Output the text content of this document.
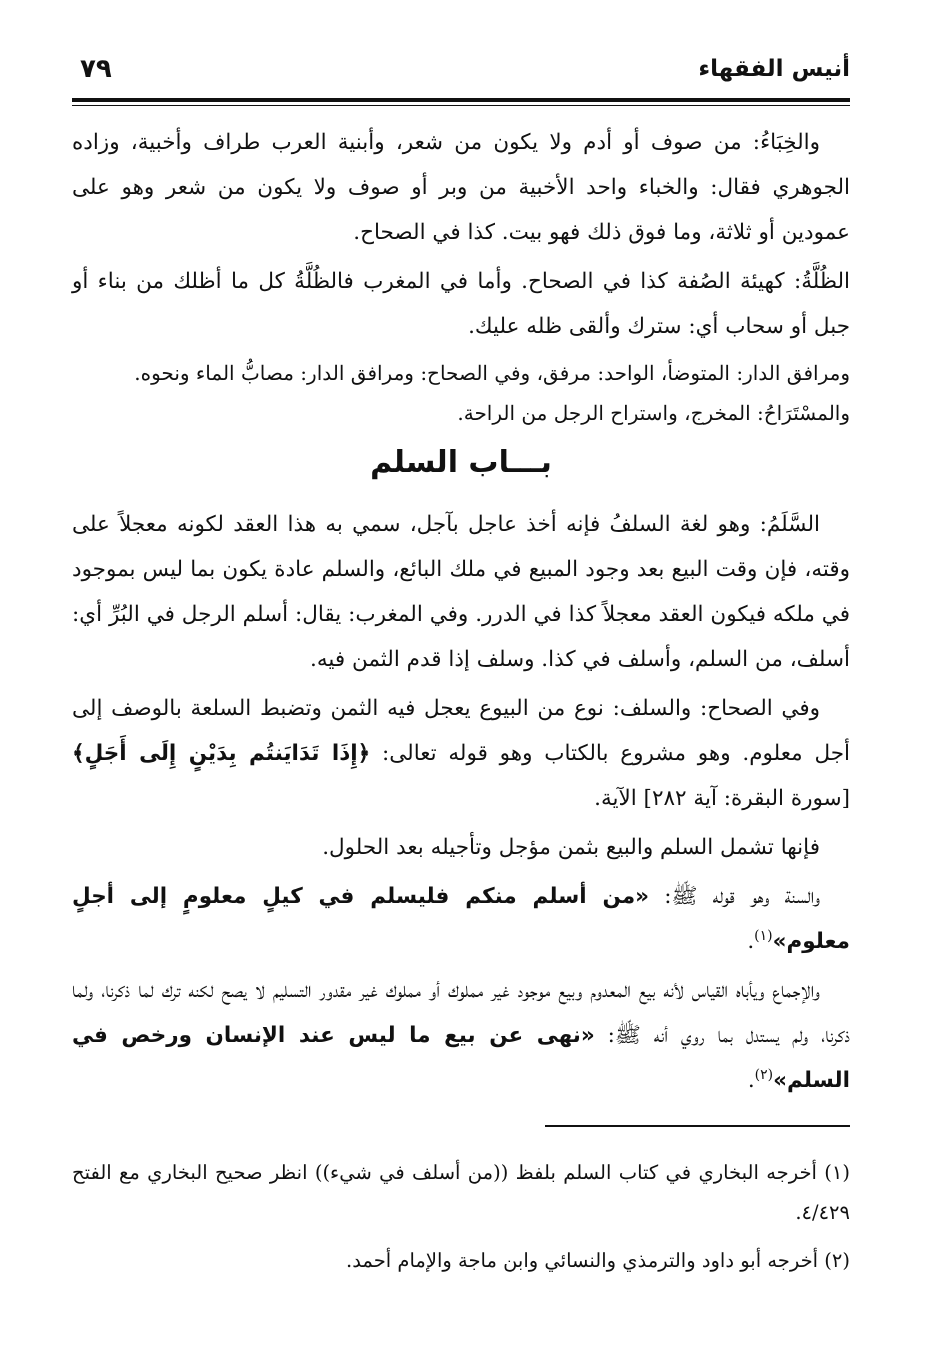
أنيس الفقهاء
٧٩

والخِبَاءُ: من صوف أو أدم ولا يكون من شعر، وأبنية العرب طراف وأخبية، وزاده الجوهري فقال: والخباء واحد الأخبية من وبر أو صوف ولا يكون من شعر وهو على عمودين أو ثلاثة، وما فوق ذلك فهو بيت. كذا في الصحاح.

الظُلَّةُ: كهيئة الصُفة كذا في الصحاح. وأما في المغرب فالظُلَّةُ كل ما أظلك من بناء أو جبل أو سحاب أي: سترك وألقى ظله عليك.

ومرافق الدار: المتوضأ، الواحد: مرفق، وفي الصحاح: ومرافق الدار: مصابُّ الماء ونحوه.

والمسْتَرَاحُ: المخرج، واستراح الرجل من الراحة.

بـــاب السلم

السَّلَمُ: وهو لغة السلفُ فإنه أخذ عاجل بآجل، سمي به هذا العقد لكونه معجلاً على وقته، فإن وقت البيع بعد وجود المبيع في ملك البائع، والسلم عادة يكون بما ليس بموجود في ملكه فيكون العقد معجلاً كذا في الدرر. وفي المغرب: يقال: أسلم الرجل في البُرِّ أي: أسلف، من السلم، وأسلف في كذا. وسلف إذا قدم الثمن فيه.

وفي الصحاح: والسلف: نوع من البيوع يعجل فيه الثمن وتضبط السلعة بالوصف إلى أجل معلوم. وهو مشروع بالكتاب وهو قوله تعالى: ﴿إِذَا تَدَايَنتُم بِدَيْنٍ إِلَى أَجَلٍ﴾ [سورة البقرة: آية ٢٨٢] الآية.

فإنها تشمل السلم والبيع بثمن مؤجل وتأجيله بعد الحلول.

والسنة وهو قوله ﷺ: «من أسلم منكم فليسلم في كيلٍ معلومٍ إلى أجلٍ معلوم»$^{(١)}$.

والإجماع ويأباه القياس لأنه بيع المعدوم وبيع موجود غير مملوك أو مملوك غير مقدور التسليم لا يصح لكنه ترك لما ذكرنا، ولما ذكرنا، ولم يستدل بما روي أنه ﷺ: «نهى عن بيع ما ليس عند الإنسان ورخص في السلم»$^{(٢)}$.

(١) أخرجه البخاري في كتاب السلم بلفظ ((من أسلف في شيء)) انظر صحيح البخاري مع الفتح ٤/٤٢٩.

(٢) أخرجه أبو داود والترمذي والنسائي وابن ماجة والإمام أحمد.
